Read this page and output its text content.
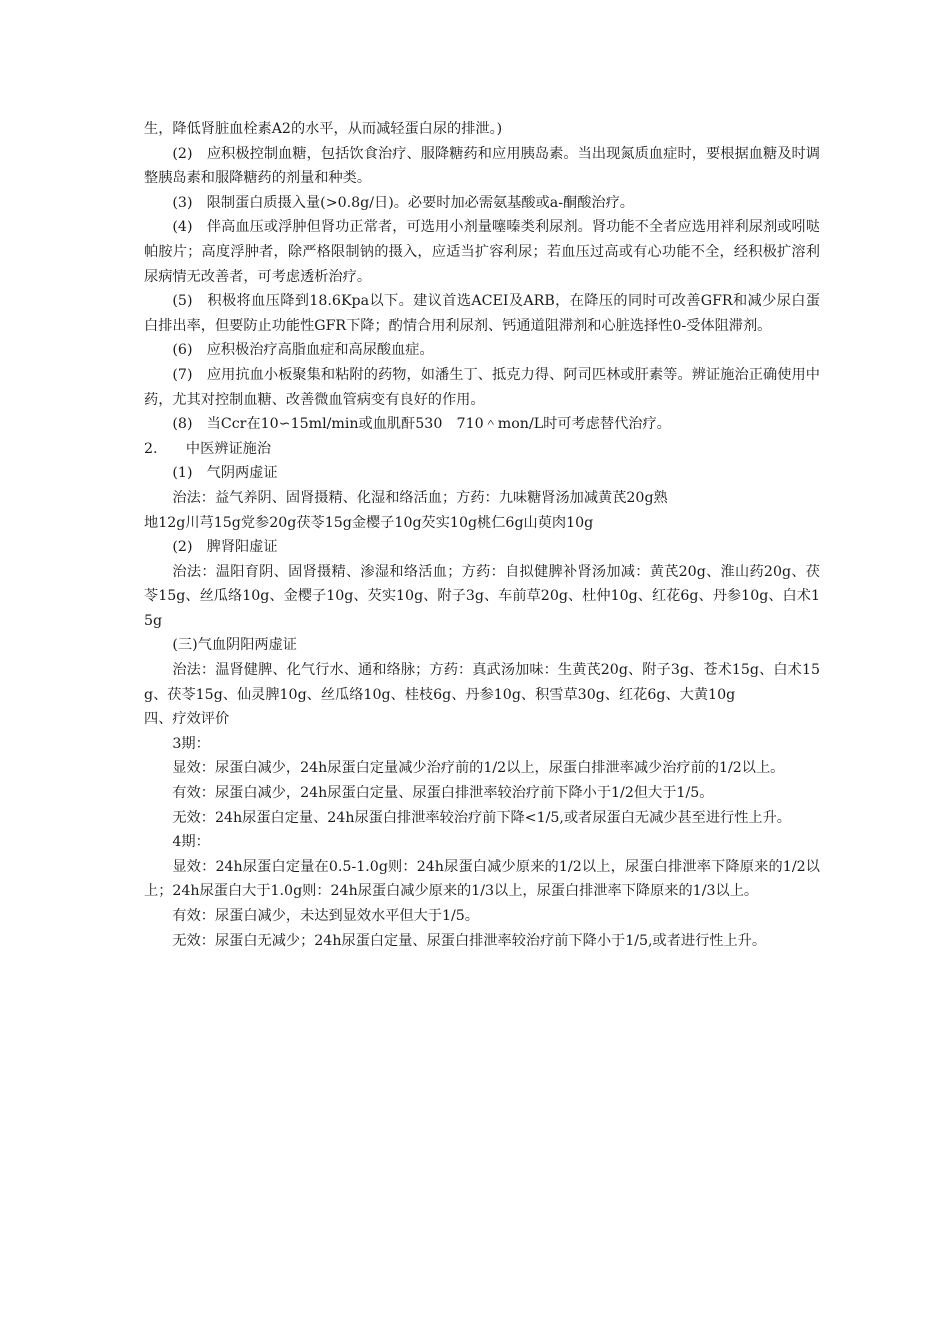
生，降低肾脏血栓素A2的水平，从而减轻蛋白尿的排泄。)

(2)　应积极控制血糖，包括饮食治疗、服降糖药和应用胰岛素。当出现氮质血症时，要根据血糖及时调整胰岛素和服降糖药的剂量和种类。

(3)　限制蛋白质摄入量(>0.8g/日)。必要时加必需氨基酸或a-酮酸治疗。

(4)　伴高血压或浮肿但肾功正常者，可选用小剂量噻嗪类利尿剂。肾功能不全者应选用袢利尿剂或吲哒帕胺片；高度浮肿者，除严格限制钠的摄入，应适当扩容利尿；若血压过高或有心功能不全，经积极扩溶利尿病情无改善者，可考虑透析治疗。

(5)　积极将血压降到18.6Kpa以下。建议首选ACEI及ARB，在降压的同时可改善GFR和减少尿白蛋白排出率，但要防止功能性GFR下降；酌情合用利尿剂、钙通道阻滞剂和心脏选择性0-受体阻滞剂。

(6)　应积极治疗高脂血症和高尿酸血症。

(7)　应用抗血小板聚集和粘附的药物，如潘生丁、抵克力得、阿司匹林或肝素等。辨证施治正确使用中药，尤其对控制血糖、改善微血管病变有良好的作用。

(8)　当Ccr在10∽15ml/min或血肌酐530　710＾mon/L时可考虑替代治疗。

2.　　中医辨证施治

(1)　气阴两虚证

治法：益气养阴、固肾摄精、化湿和络活血；方药：九味糖肾汤加减黄芪20g熟

地12g川芎15g党参20g茯苓15g金樱子10g芡实10g桃仁6g山萸肉10g

(2)　脾肾阳虚证

治法：温阳育阴、固肾摄精、渗湿和络活血；方药：自拟健脾补肾汤加减：黄芪20g、淮山药20g、茯苓15g、丝瓜络10g、金樱子10g、芡实10g、附子3g、车前草20g、杜仲10g、红花6g、丹参10g、白术15g

(三)气血阴阳两虚证

治法：温肾健脾、化气行水、通和络脉；方药：真武汤加味：生黄芪20g、附子3g、苍术15g、白术15g、茯苓15g、仙灵脾10g、丝瓜络10g、桂枝6g、丹参10g、积雪草30g、红花6g、大黄10g

四、疗效评价

3期：

显效：尿蛋白减少，24h尿蛋白定量减少治疗前的1/2以上，尿蛋白排泄率减少治疗前的1/2以上。

有效：尿蛋白减少，24h尿蛋白定量、尿蛋白排泄率较治疗前下降小于1/2但大于1/5。

无效：24h尿蛋白定量、24h尿蛋白排泄率较治疗前下降<1/5,或者尿蛋白无减少甚至进行性上升。

4期：

显效：24h尿蛋白定量在0.5-1.0g则：24h尿蛋白减少原来的1/2以上，尿蛋白排泄率下降原来的1/2以上；24h尿蛋白大于1.0g则：24h尿蛋白减少原来的1/3以上，尿蛋白排泄率下降原来的1/3以上。

有效：尿蛋白减少，未达到显效水平但大于1/5。

无效：尿蛋白无减少；24h尿蛋白定量、尿蛋白排泄率较治疗前下降小于1/5,或者进行性上升。
